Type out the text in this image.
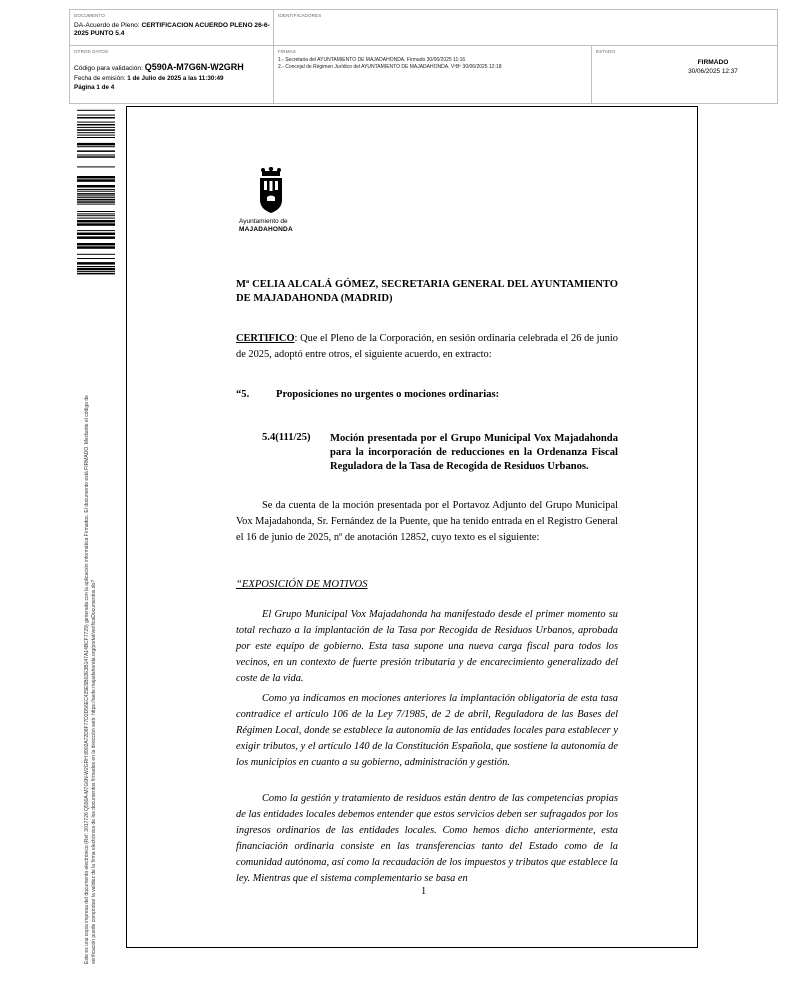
DOCUMENTO
DA-Acuerdo de Pleno: CERTIFICACION ACUERDO PLENO 26-6-2025 PUNTO 5.4
IDENTIFICADORES
OTROS DATOS
Código para validación: Q590A-M7G6N-W2GRH
Fecha de emisión: 1 de Julio de 2025 a las 11:30:49
Página 1 de 4
FIRMAS
1.- Secretaria del AYUNTAMIENTO DE MAJADAHONDA. Firmado 30/06/2025 11:16
2.- Concejal de Régimen Jurídico del AYUNTAMIENTO DE MAJADAHONDA. VºBº 30/06/2025 12:18
ESTADO
FIRMADO
30/06/2025 12:37
Este es una copia impresa del documento electrónico (Ref: 3017726 Q590A-M7G6N-W2GRH 8902A72D8F77D2D56EC425E5B02E3B147A14BCF7729) generada con la aplicación informática Firmadoc. El documento está FIRMADO. Mediante el código de verificación puede comprobar la validez de la firma electrónica de los documentos firmados en la dirección web: https://sede.majadahonda.org/portal/verificaDocumentos.do?
Ayuntamiento de
MAJADAHONDA
Mª CELIA ALCALÁ GÓMEZ, SECRETARIA GENERAL DEL AYUNTAMIENTO DE MAJADAHONDA (MADRID)
CERTIFICO: Que el Pleno de la Corporación, en sesión ordinaria celebrada el 26 de junio de 2025, adoptó entre otros, el siguiente acuerdo, en extracto:
“5.	Proposiciones no urgentes o mociones ordinarias:
5.4(111/25) Moción presentada por el Grupo Municipal Vox Majadahonda para la incorporación de reducciones en la Ordenanza Fiscal Reguladora de la Tasa de Recogida de Residuos Urbanos.
Se da cuenta de la moción presentada por el Portavoz Adjunto del Grupo Municipal Vox Majadahonda, Sr. Fernández de la Puente, que ha tenido entrada en el Registro General el 16 de junio de 2025, nº de anotación 12852, cuyo texto es el siguiente:
“EXPOSICIÓN DE MOTIVOS
El Grupo Municipal Vox Majadahonda ha manifestado desde el primer momento su total rechazo a la implantación de la Tasa por Recogida de Residuos Urbanos, aprobada por este equipo de gobierno. Esta tasa supone una nueva carga fiscal para todos los vecinos, en un contexto de fuerte presión tributaria y de encarecimiento generalizado del coste de la vida.
Como ya indicamos en mociones anteriores la implantación obligatoria de esta tasa contradice el artículo 106 de la Ley 7/1985, de 2 de abril, Reguladora de las Bases del Régimen Local, donde se establece la autonomía de las entidades locales para establecer y exigir tributos, y el artículo 140 de la Constitución Española, que sostiene la autonomía de los municipios en cuanto a su gobierno, administración y gestión.
Como la gestión y tratamiento de residuos están dentro de las competencias propias de las entidades locales debemos entender que estos servicios deben ser sufragados por los ingresos ordinarios de las entidades locales. Como hemos dicho anteriormente, esta financiación ordinaria consiste en las transferencias tanto del Estado como de la comunidad autónoma, así como la recaudación de los impuestos y tributos que establece la ley. Mientras que el sistema complementario se basa en
1
